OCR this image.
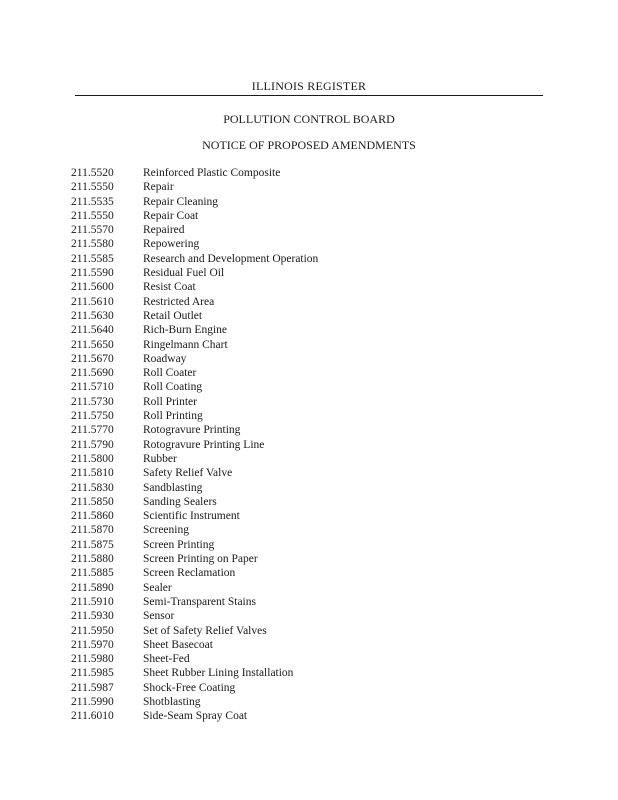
ILLINOIS REGISTER
POLLUTION CONTROL BOARD
NOTICE OF PROPOSED AMENDMENTS
211.5520	Reinforced Plastic Composite
211.5550	Repair
211.5535	Repair Cleaning
211.5550	Repair Coat
211.5570	Repaired
211.5580	Repowering
211.5585	Research and Development Operation
211.5590	Residual Fuel Oil
211.5600	Resist Coat
211.5610	Restricted Area
211.5630	Retail Outlet
211.5640	Rich-Burn Engine
211.5650	Ringelmann Chart
211.5670	Roadway
211.5690	Roll Coater
211.5710	Roll Coating
211.5730	Roll Printer
211.5750	Roll Printing
211.5770	Rotogravure Printing
211.5790	Rotogravure Printing Line
211.5800	Rubber
211.5810	Safety Relief Valve
211.5830	Sandblasting
211.5850	Sanding Sealers
211.5860	Scientific Instrument
211.5870	Screening
211.5875	Screen Printing
211.5880	Screen Printing on Paper
211.5885	Screen Reclamation
211.5890	Sealer
211.5910	Semi-Transparent Stains
211.5930	Sensor
211.5950	Set of Safety Relief Valves
211.5970	Sheet Basecoat
211.5980	Sheet-Fed
211.5985	Sheet Rubber Lining Installation
211.5987	Shock-Free Coating
211.5990	Shotblasting
211.6010	Side-Seam Spray Coat
